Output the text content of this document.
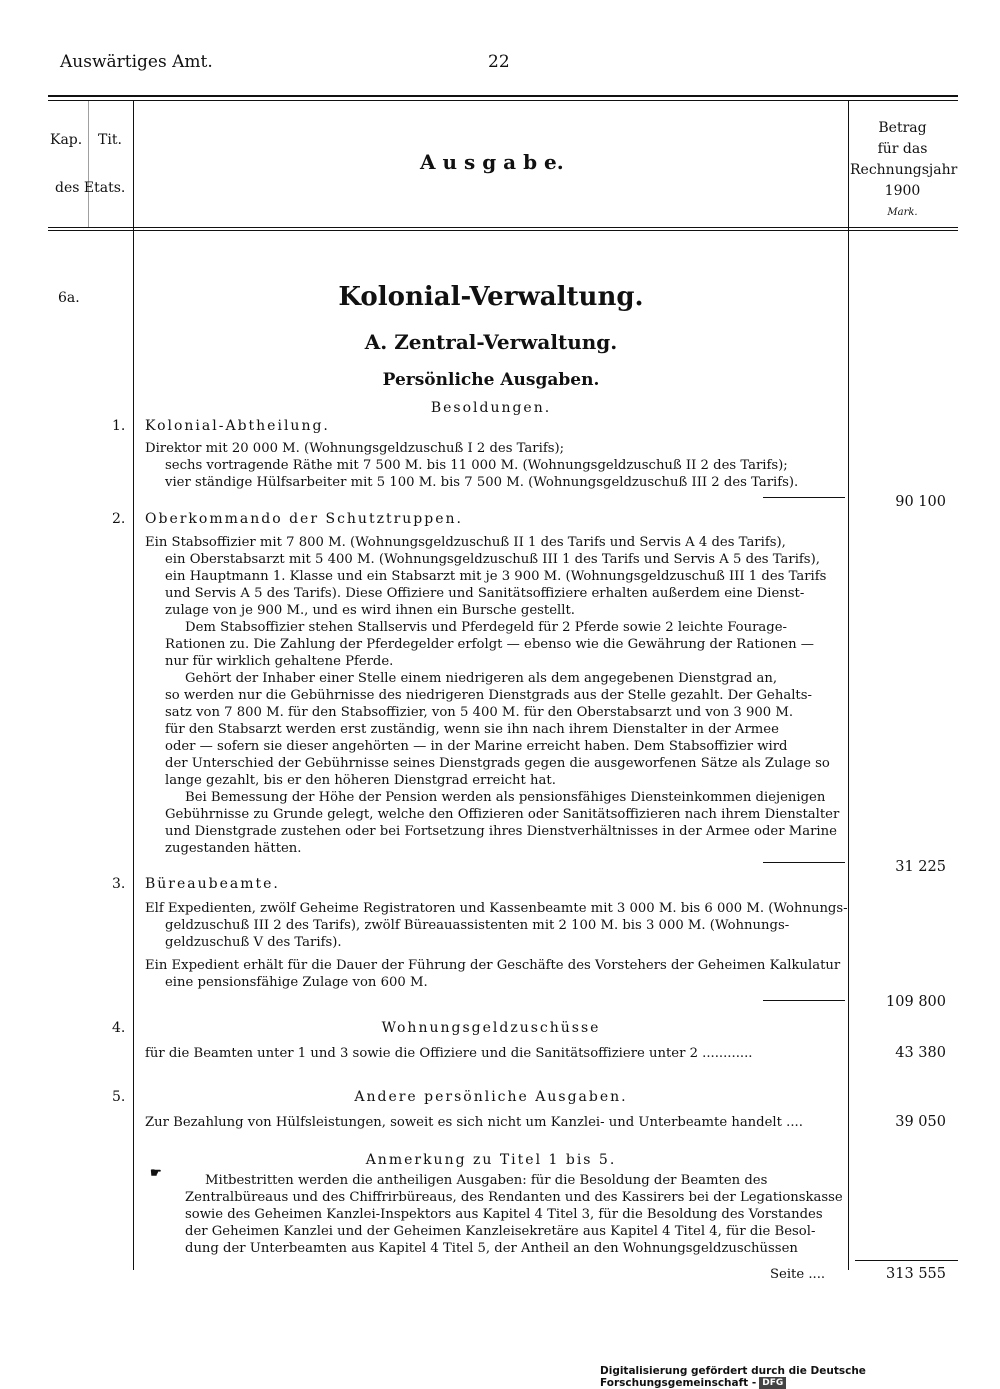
Auswärtiges Amt.	22
Kap. Tit.
des Etats.
A u s g a b e.
Betrag
für das
Rechnungsjahr
1900
Mark.
6a.	Kolonial-Verwaltung.
A. Zentral-Verwaltung.
Persönliche Ausgaben.
Besoldungen.
1. Kolonial-Abtheilung.
Direktor mit 20 000 M. (Wohnungsgeldzuschuß I 2 des Tarifs);
sechs vortragende Räthe mit 7 500 M. bis 11 000 M. (Wohnungsgeldzuschuß II 2 des Tarifs);
vier ständige Hülfsarbeiter mit 5 100 M. bis 7 500 M. (Wohnungsgeldzuschuß III 2 des Tarifs).
90 100
2. Oberkommando der Schutztruppen.
Ein Stabsoffizier mit 7 800 M. (Wohnungsgeldzuschuß II 1 des Tarifs und Servis A 4 des Tarifs),
ein Oberstabsarzt mit 5 400 M. (Wohnungsgeldzuschuß III 1 des Tarifs und Servis A 5 des Tarifs),
ein Hauptmann 1. Klasse und ein Stabsarzt mit je 3 900 M. (Wohnungsgeldzuschuß III 1 des Tarifs
und Servis A 5 des Tarifs). Diese Offiziere und Sanitätsoffiziere erhalten außerdem eine Dienst-
zulage von je 900 M., und es wird ihnen ein Bursche gestellt.
Dem Stabsoffizier stehen Stallservis und Pferdegeld für 2 Pferde sowie 2 leichte Fourage-
Rationen zu. Die Zahlung der Pferdegelder erfolgt — ebenso wie die Gewährung der Rationen —
nur für wirklich gehaltene Pferde.
Gehört der Inhaber einer Stelle einem niedrigeren als dem angegebenen Dienstgrad an,
so werden nur die Gebührnisse des niedrigeren Dienstgrads aus der Stelle gezahlt. Der Gehalts-
satz von 7 800 M. für den Stabsoffizier, von 5 400 M. für den Oberstabsarzt und von 3 900 M.
für den Stabsarzt werden erst zuständig, wenn sie ihn nach ihrem Dienstalter in der Armee
oder — sofern sie dieser angehörten — in der Marine erreicht haben. Dem Stabsoffizier wird
der Unterschied der Gebührnisse seines Dienstgrads gegen die ausgeworfenen Sätze als Zulage so
lange gezahlt, bis er den höheren Dienstgrad erreicht hat.
Bei Bemessung der Höhe der Pension werden als pensionsfähiges Diensteinkommen diejenigen
Gebührnisse zu Grunde gelegt, welche den Offizieren oder Sanitätsoffizieren nach ihrem Dienstalter
und Dienstgrade zustehen oder bei Fortsetzung ihres Dienstverhältnisses in der Armee oder Marine
zugestanden hätten.
31 225
3. Büreaubeamte.
Elf Expedienten, zwölf Geheime Registratoren und Kassenbeamte mit 3 000 M. bis 6 000 M. (Wohnungs-
geldzuschuß III 2 des Tarifs), zwölf Büreauassistenten mit 2 100 M. bis 3 000 M. (Wohnungs-
geldzuschuß V des Tarifs).
Ein Expedient erhält für die Dauer der Führung der Geschäfte des Vorstehers der Geheimen Kalkulatur
eine pensionsfähige Zulage von 600 M.
109 800
4.	Wohnungsgeldzuschüsse
für die Beamten unter 1 und 3 sowie die Offiziere und die Sanitätsoffiziere unter 2 ............	43 380
5.	Andere persönliche Ausgaben.
Zur Bezahlung von Hülfsleistungen, soweit es sich nicht um Kanzlei- und Unterbeamte handelt ....	39 050
Anmerkung zu Titel 1 bis 5.
☛	Mitbestritten werden die antheiligen Ausgaben: für die Besoldung der Beamten des
Zentralbüreaus und des Chiffrirbüreaus, des Rendanten und des Kassirers bei der Legationskasse
sowie des Geheimen Kanzlei-Inspektors aus Kapitel 4 Titel 3, für die Besoldung des Vorstandes
der Geheimen Kanzlei und der Geheimen Kanzleisekretäre aus Kapitel 4 Titel 4, für die Besol-
dung der Unterbeamten aus Kapitel 4 Titel 5, der Antheil an den Wohnungsgeldzuschüssen
Seite ....	313 555
Digitalisierung gefördert durch die Deutsche Forschungsgemeinschaft - DFG
